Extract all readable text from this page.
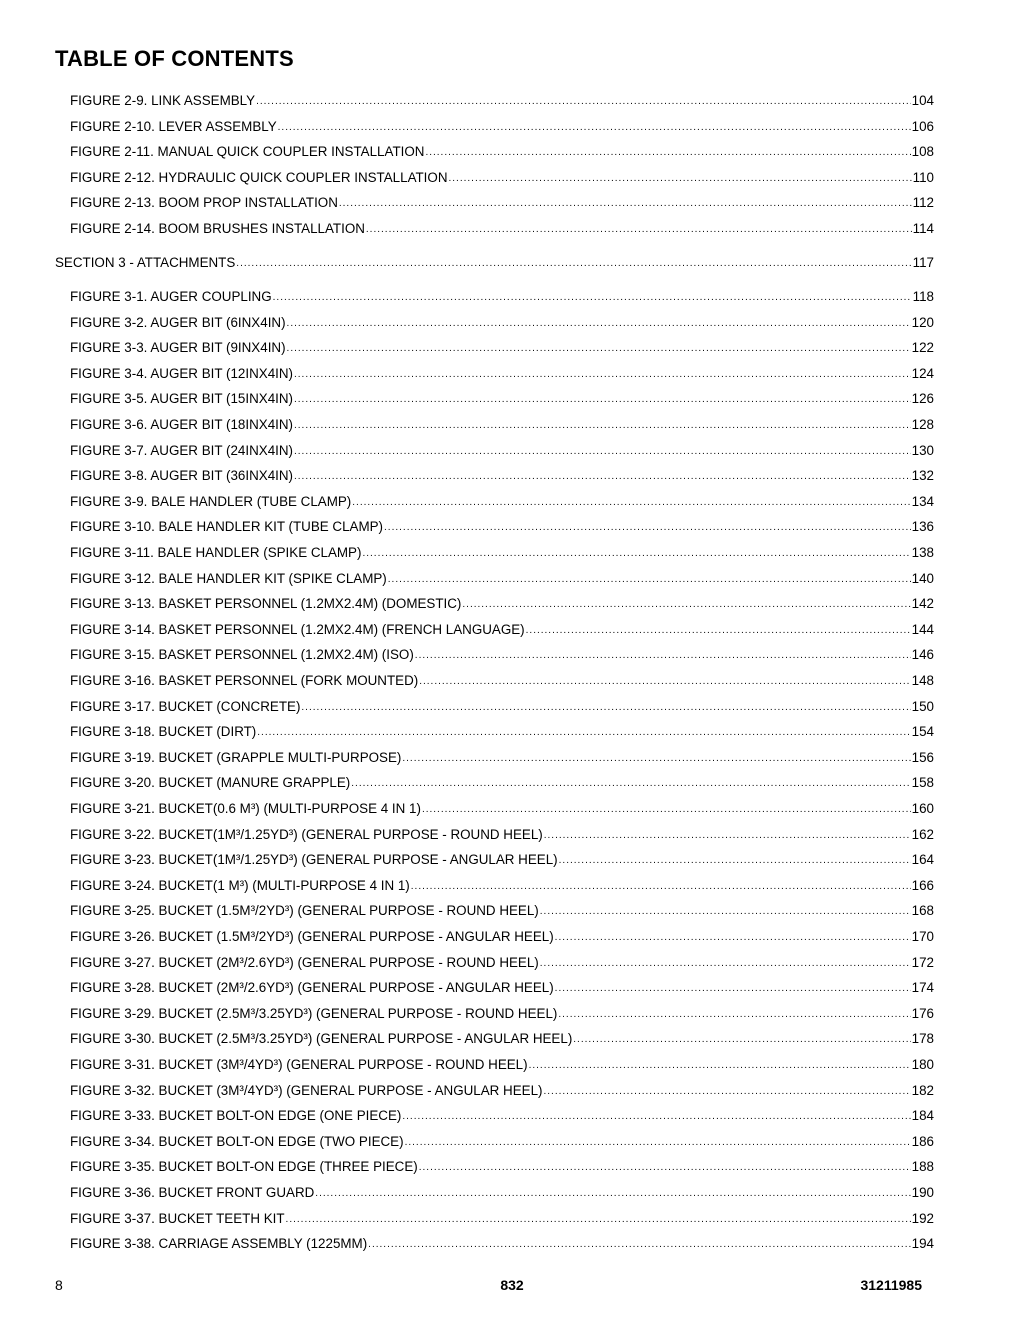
TABLE OF CONTENTS
FIGURE 2-9. LINK ASSEMBLY .....	104
FIGURE 2-10. LEVER ASSEMBLY .....	106
FIGURE 2-11. MANUAL QUICK COUPLER INSTALLATION .....	108
FIGURE 2-12. HYDRAULIC QUICK COUPLER INSTALLATION .....	110
FIGURE 2-13. BOOM PROP INSTALLATION .....	112
FIGURE 2-14. BOOM BRUSHES INSTALLATION .....	114
SECTION 3 - ATTACHMENTS .....	117
FIGURE 3-1. AUGER COUPLING .....	118
FIGURE 3-2. AUGER BIT (6INX4IN) .....	120
FIGURE 3-3. AUGER BIT (9INX4IN) .....	122
FIGURE 3-4. AUGER BIT (12INX4IN) .....	124
FIGURE 3-5. AUGER BIT (15INX4IN) .....	126
FIGURE 3-6. AUGER BIT (18INX4IN) .....	128
FIGURE 3-7. AUGER BIT (24INX4IN) .....	130
FIGURE 3-8. AUGER BIT (36INX4IN) .....	132
FIGURE 3-9. BALE HANDLER (TUBE CLAMP) .....	134
FIGURE 3-10. BALE HANDLER KIT (TUBE CLAMP) .....	136
FIGURE 3-11. BALE HANDLER (SPIKE CLAMP) .....	138
FIGURE 3-12. BALE HANDLER KIT (SPIKE CLAMP) .....	140
FIGURE 3-13. BASKET PERSONNEL (1.2MX2.4M) (DOMESTIC) .....	142
FIGURE 3-14. BASKET PERSONNEL (1.2MX2.4M) (FRENCH LANGUAGE) .....	144
FIGURE 3-15. BASKET PERSONNEL (1.2MX2.4M) (ISO) .....	146
FIGURE 3-16. BASKET PERSONNEL (FORK MOUNTED) .....	148
FIGURE 3-17. BUCKET (CONCRETE) .....	150
FIGURE 3-18. BUCKET (DIRT) .....	154
FIGURE 3-19. BUCKET (GRAPPLE MULTI-PURPOSE) .....	156
FIGURE 3-20. BUCKET (MANURE GRAPPLE) .....	158
FIGURE 3-21. BUCKET(0.6 M³) (MULTI-PURPOSE 4 IN 1) .....	160
FIGURE 3-22. BUCKET(1M³/1.25YD³) (GENERAL PURPOSE - ROUND HEEL) .....	162
FIGURE 3-23. BUCKET(1M³/1.25YD³) (GENERAL PURPOSE - ANGULAR HEEL) .....	164
FIGURE 3-24. BUCKET(1 M³) (MULTI-PURPOSE 4 IN 1) .....	166
FIGURE 3-25. BUCKET (1.5M³/2YD³) (GENERAL PURPOSE - ROUND HEEL) .....	168
FIGURE 3-26. BUCKET (1.5M³/2YD³) (GENERAL PURPOSE - ANGULAR HEEL) .....	170
FIGURE 3-27. BUCKET (2M³/2.6YD³) (GENERAL PURPOSE - ROUND HEEL) .....	172
FIGURE 3-28. BUCKET (2M³/2.6YD³) (GENERAL PURPOSE - ANGULAR HEEL) .....	174
FIGURE 3-29. BUCKET (2.5M³/3.25YD³) (GENERAL PURPOSE - ROUND HEEL) .....	176
FIGURE 3-30. BUCKET (2.5M³/3.25YD³) (GENERAL PURPOSE - ANGULAR HEEL) .....	178
FIGURE 3-31. BUCKET (3M³/4YD³) (GENERAL PURPOSE - ROUND HEEL) .....	180
FIGURE 3-32. BUCKET (3M³/4YD³) (GENERAL PURPOSE - ANGULAR HEEL) .....	182
FIGURE 3-33. BUCKET BOLT-ON EDGE (ONE PIECE) .....	184
FIGURE 3-34. BUCKET BOLT-ON EDGE (TWO PIECE) .....	186
FIGURE 3-35. BUCKET BOLT-ON EDGE (THREE PIECE) .....	188
FIGURE 3-36. BUCKET FRONT GUARD .....	190
FIGURE 3-37. BUCKET TEETH KIT .....	192
FIGURE 3-38. CARRIAGE ASSEMBLY (1225MM) .....	194
8	832	31211985
